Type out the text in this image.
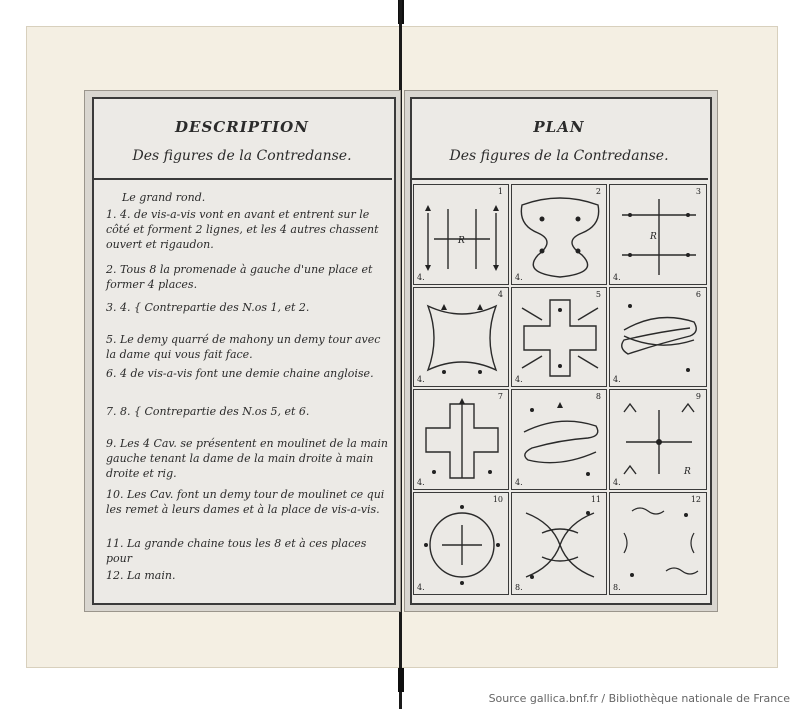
DESCRIPTION
Des figures de la Contredanse.
Le grand rond.
1. 4. de vis-a-vis vont en avant et entrent sur le côté et forment 2 lignes, et les 4 autres chassent ouvert et rigaudon.
2. Tous 8 la promenade à gauche d'une place et former 4 places.
3. 4. { Contrepartie des N.os 1, et 2.
5. Le demy quarré de mahony un demy tour avec la dame qui vous fait face.
6. 4 de vis-a-vis font une demie chaine angloise.
7. 8. { Contrepartie des N.os 5, et 6.
9. Les 4 Cav. se présentent en moulinet de la main gauche tenant la dame de la main droite à main droite et rig.
10. Les Cav. font un demy tour de moulinet ce qui les remet à leurs dames et à la place de vis-a-vis.
11. La grande chaine tous les 8 et à ces places pour
12. La main.
PLAN
Des figures de la Contredanse.
R
1
4.
2
4.
R
3
4.
4
4.
5
4.
6
4.
7
4.
8
4.
R
9
4.
10
4.
11
8.
12
8.
Source gallica.bnf.fr / Bibliothèque nationale de France
